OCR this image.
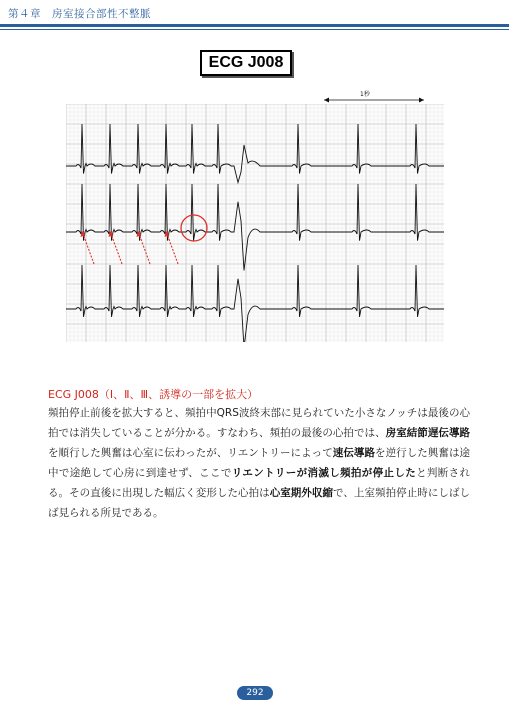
第４章　房室接合部性不整脈
ECG J008
1秒
ECG J008（Ⅰ、Ⅱ、Ⅲ、誘導の一部を拡大）
頻拍停止前後を拡大すると、頻拍中QRS波終末部に見られていた小さなノッチは最後の心拍では消失していることが分かる。すなわち、頻拍の最後の心拍では、房室結節遅伝導路を順行した興奮は心室に伝わったが、リエントリーによって速伝導路を逆行した興奮は途中で途絶して心房に到達せず、ここでリエントリーが消滅し頻拍が停止したと判断される。その直後に出現した幅広く変形した心拍は心室期外収縮で、上室頻拍停止時にしばしば見られる所見である。
292
